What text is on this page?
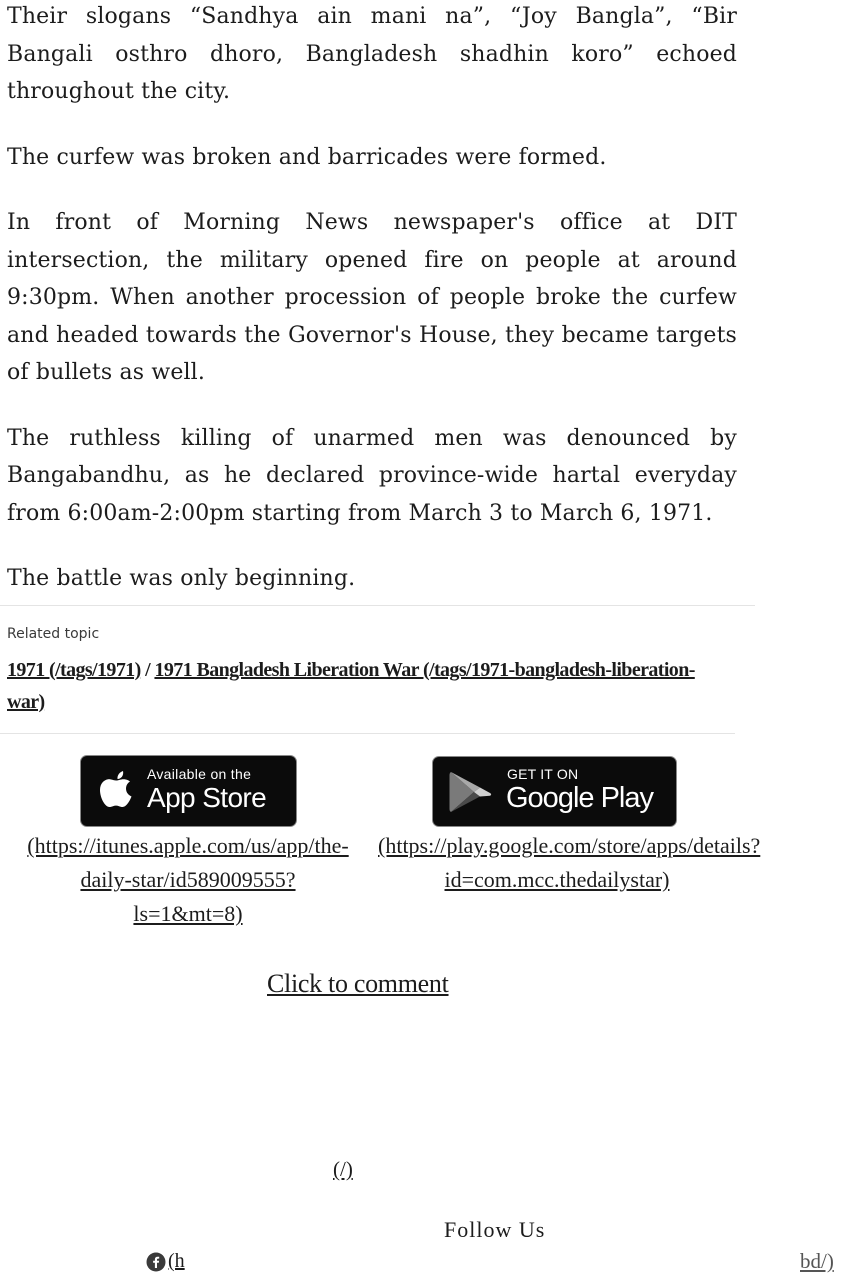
Their slogans “Sandhya ain mani na”, “Joy Bangla”, “Bir Bangali osthro dhoro, Bangladesh shadhin koro” echoed throughout the city.

The curfew was broken and barricades were formed.

In front of Morning News newspaper's office at DIT intersection, the military opened fire on people at around 9:30pm. When another procession of people broke the curfew and headed towards the Governor's House, they became targets of bullets as well.

The ruthless killing of unarmed men was denounced by Bangabandhu, as he declared province-wide hartal everyday from 6:00am-2:00pm starting from March 3 to March 6, 1971.

The battle was only beginning.

Related topic
1971 (/tags/1971) / 1971 Bangladesh Liberation War (/tags/1971-bangladesh-liberation-war)
Available on the
App Store
GET IT ON
Google Play
(https://itunes.apple.com/us/app/the-
daily-star/id589009555?
ls=1&mt=8)
(https://play.google.com/store/apps/details?
id=com.mcc.thedailystar)
Click to comment
(/)
Follow Us
(h	bd/)
